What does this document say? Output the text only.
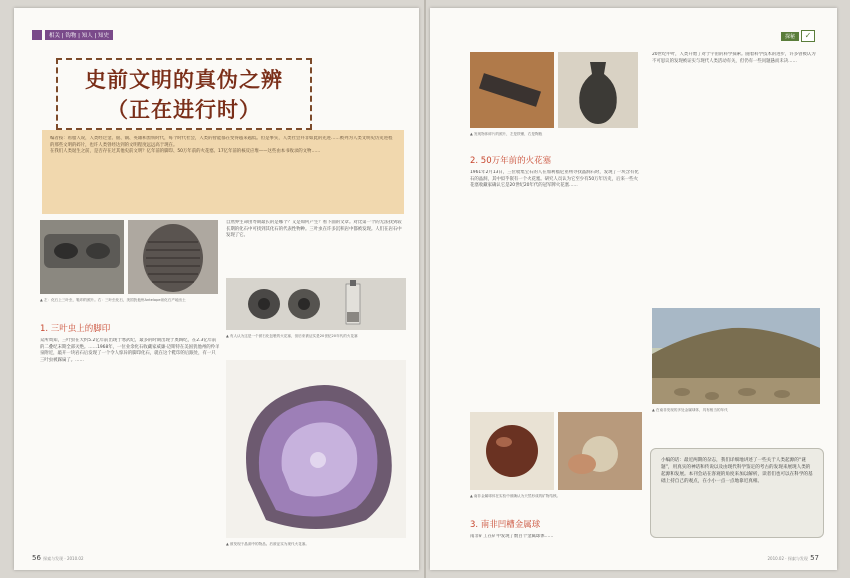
相关 | 钩物 | 知人 | 知史
史前文明的真伪之辨
（正在进行时）
编者按：希腊人说，人类经过金、银、铜、英雄和黑铁时代，每个时代社会，人类的智能都在变得越来越低。但是事实，人类社会并非如此的先进……被列为人类文明史历史进程的那些文明的碎片，也许人类曾经达到的文明程度远远高于现在。
在我们人类诞生之前，是否存在过其他史前文明？亿年前的脚印、50万年前的火花塞、17亿年前的核反应堆——这些由本书收录的文物……
▲ 左：化石上三叶虫、鞋印的照片。右：三叶虫化石，美国犹他州Antelope泉化石产地出土
1. 三叶虫上的脚印
众所周知，三叶虫在大约5.2亿年前出现于寒武纪，最多的时期出现于奥陶纪，在2.3亿年前的二叠纪末期全部灭绝。……1968年，一位业余化石收藏家威廉·迈斯特在美国犹他州的羚羊泉附近，敲开一块岩石后发现了一个令人惊异的脚印化石，就在这个鞋印的后跟处，有一只三叶虫被踩扁了。……
自然界生命由寿期最长的是哪个？又是如何产生？看下面的文章。对比第一个的无法找到较长期的化石中可找到其化石的代表性物种。三叶虫在许多沉积岩中都被发现。人们在岩石中发现了它。
▲ 有人认为这是一个被石化包裹的火花塞，但后来被证实是20世纪20年代的火花塞
▲ 被发现于晶洞中的物品。后被证实为现代火花塞。
56 探索与发现 · 2010.02
探秘	✓
▲ 发现物体碎片的照片，左是铁锤，右是陶瓶
2. 50万年前的火花塞
1961年2月13日，三位收集宝石的人在加利福尼亚州寻找晶洞石时，发现了一块含有化石的晶洞，其中似乎嵌有一个火花塞。研究人员认为它至少有50万年历史，后来一些火花塞收藏家确认它是20世纪20年代的冠军牌火花塞……
20世纪中叶，人类开始了对于宇宙的科学探索。随着科学技术的进步，许多曾被认为不可思议的发现被证实与现代人类活动有关，但仍有一些问题悬而未决……
▲ 在南非发现的多处金属球体，具有相当的年代
▲ 南非金属球体在实验中被确认为天然形成的矿物结核。
3. 南非凹槽金属球
南非矿工在矿中发现了数百个金属球体……
小编的话：最近两期的杂志，我们详细地讲述了一些关于人类起源的“谜题”，用真实的神话和传说以及由现代科学鉴定的考古的发现来展现人类的起源和发展。本刊会站在客观的角度来加以解析，读者们也可以在科学的基础上持自己的观点，在小小一点一点地靠近真相。
2010.02 · 探索与发现 57
